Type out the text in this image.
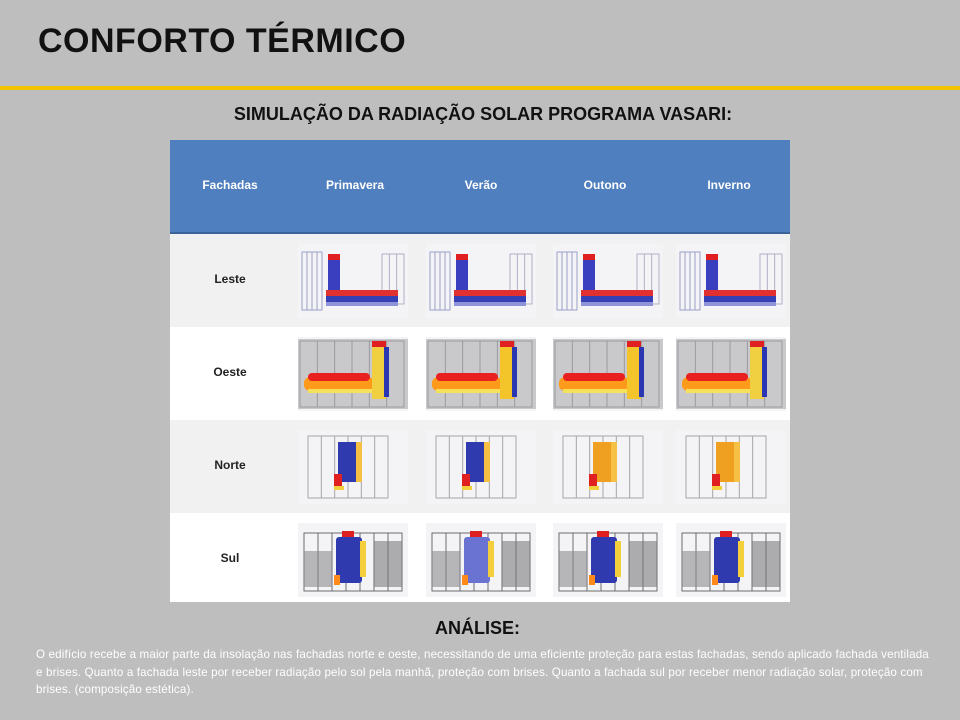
CONFORTO TÉRMICO
SIMULAÇÃO DA RADIAÇÃO SOLAR PROGRAMA VASARI:
Fachadas	Primavera	Verão	Outono	Inverno
Leste
Oeste
Norte
Sul
ANÁLISE:
O edifício recebe a maior parte da insolação nas fachadas norte e oeste, necessitando de uma eficiente proteção para estas fachadas, sendo aplicado fachada ventilada e brises. Quanto a fachada leste por receber radiação pelo sol pela manhã, proteção com brises. Quanto a fachada sul por receber menor radiação solar, proteção com brises. (composição estética).
